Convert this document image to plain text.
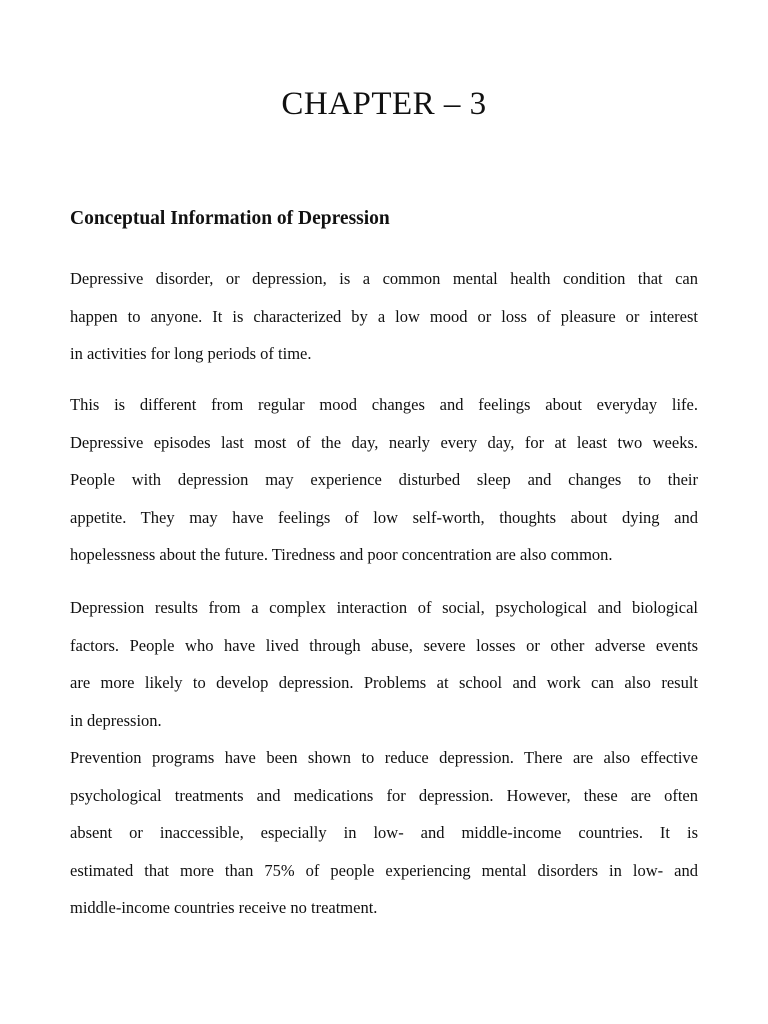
CHAPTER – 3
Conceptual Information of Depression
Depressive disorder, or depression, is a common mental health condition that can
happen to anyone. It is characterized by a low mood or loss of pleasure or interest
in activities for long periods of time.
This is different from regular mood changes and feelings about everyday life.
Depressive episodes last most of the day, nearly every day, for at least two weeks.
People with depression may experience disturbed sleep and changes to their
appetite. They may have feelings of low self-worth, thoughts about dying and
hopelessness about the future. Tiredness and poor concentration are also common.
Depression results from a complex interaction of social, psychological and biological
factors. People who have lived through abuse, severe losses or other adverse events
are more likely to develop depression. Problems at school and work can also result
in depression.
Prevention programs have been shown to reduce depression. There are also effective
psychological treatments and medications for depression. However, these are often
absent or inaccessible, especially in low- and middle-income countries. It is
estimated that more than 75% of people experiencing mental disorders in low- and
middle-income countries receive no treatment.
